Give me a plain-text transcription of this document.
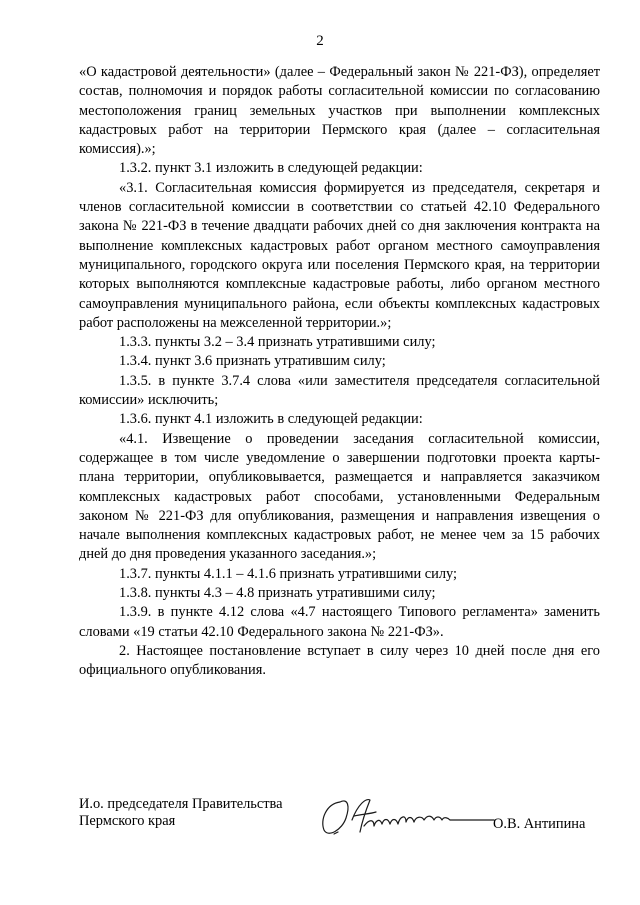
2

«О кадастровой деятельности» (далее – Федеральный закон № 221-ФЗ), определяет состав, полномочия и порядок работы согласительной комиссии по согласованию местоположения границ земельных участков при выполнении комплексных кадастровых работ на территории Пермского края (далее – согласительная комиссия).»;

1.3.2. пункт 3.1 изложить в следующей редакции:

«3.1. Согласительная комиссия формируется из председателя, секретаря и членов согласительной комиссии в соответствии со статьей 42.10 Федерального закона № 221-ФЗ в течение двадцати рабочих дней со дня заключения контракта на выполнение комплексных кадастровых работ органом местного самоуправления муниципального, городского округа или поселения Пермского края, на территории которых выполняются комплексные кадастровые работы, либо органом местного самоуправления муниципального района, если объекты комплексных кадастровых работ расположены на межселенной территории.»;

1.3.3. пункты 3.2 – 3.4 признать утратившими силу;

1.3.4. пункт 3.6 признать утратившим силу;

1.3.5. в пункте 3.7.4 слова «или заместителя председателя согласительной комиссии» исключить;

1.3.6. пункт 4.1 изложить в следующей редакции:

«4.1. Извещение о проведении заседания согласительной комиссии, содержащее в том числе уведомление о завершении подготовки проекта карты-плана территории, опубликовывается, размещается и направляется заказчиком комплексных кадастровых работ способами, установленными Федеральным законом № 221-ФЗ для опубликования, размещения и направления извещения о начале выполнения комплексных кадастровых работ, не менее чем за 15 рабочих дней до дня проведения указанного заседания.»;

1.3.7. пункты 4.1.1 – 4.1.6 признать утратившими силу;

1.3.8. пункты 4.3 – 4.8 признать утратившими силу;

1.3.9. в пункте 4.12 слова «4.7 настоящего Типового регламента» заменить словами «19 статьи 42.10 Федерального закона № 221-ФЗ».

2. Настоящее постановление вступает в силу через 10 дней после дня его официального опубликования.

И.о. председателя Правительства
Пермского края	О.В. Антипина
